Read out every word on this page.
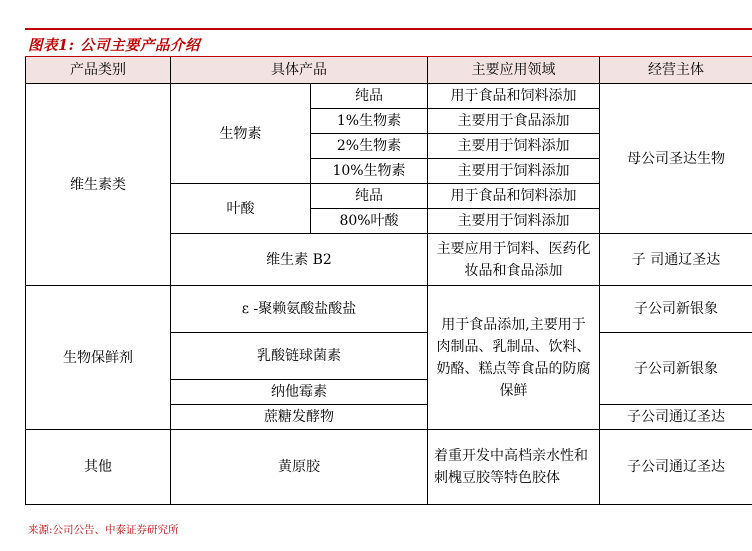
图表1: 公司主要产品介绍
产品类别	具体产品		主要应用领域	经营主体
维生素类	生物素	纯品	用于食品和饲料添加	母公司圣达生物
		1%生物素	主要用于食品添加	
		2%生物素	主要用于饲料添加	
		10%生物素	主要用于饲料添加	
	叶酸	纯品	用于食品和饲料添加	
		80%叶酸	主要用于饲料添加	
	维生素 B2		主要应用于饲料、医药化妆品和食品添加	子 司通辽圣达
生物保鲜剂	ε -聚赖氨酸盐酸盐		用于食品添加,主要用于肉制品、乳制品、饮料、奶酪、糕点等食品的防腐保鲜	子公司新银象
	乳酸链球菌素			子公司新银象
	纳他霉素			
	蔗糖发酵物			子公司通辽圣达
其他	黄原胶		着重开发中高档亲水性和刺槐豆胶等特色胶体	子公司通辽圣达
来源:公司公告、中泰证券研究所
